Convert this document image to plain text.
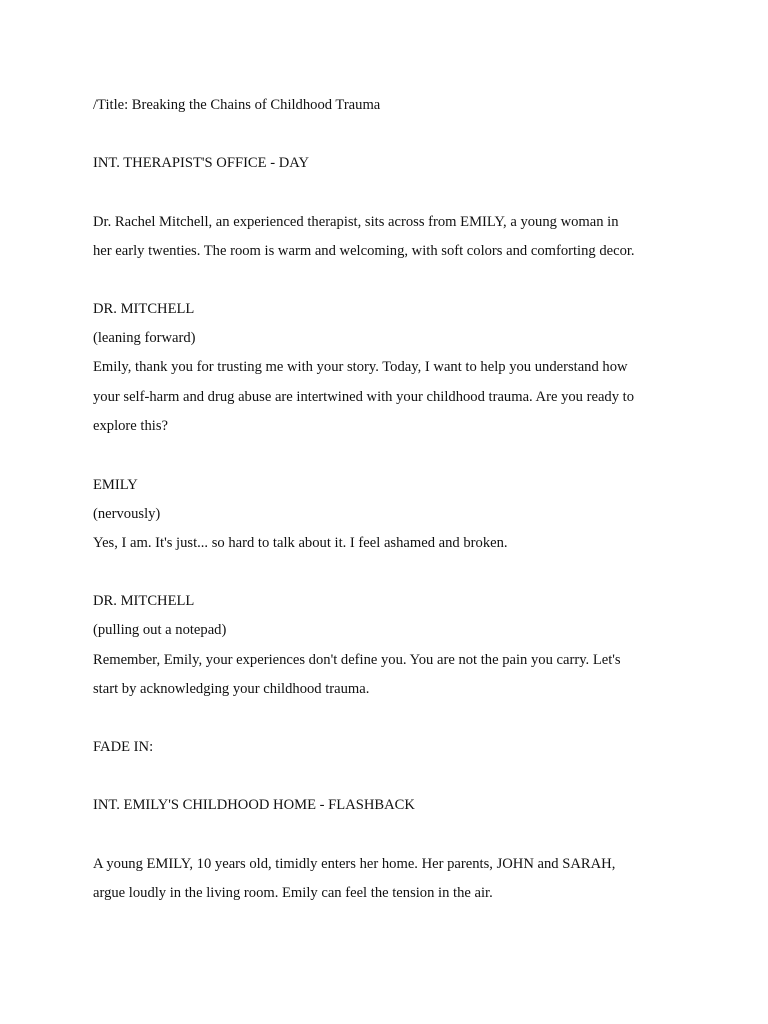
/Title: Breaking the Chains of Childhood Trauma

INT. THERAPIST'S OFFICE - DAY

Dr. Rachel Mitchell, an experienced therapist, sits across from EMILY, a young woman in

her early twenties. The room is warm and welcoming, with soft colors and comforting decor.

DR. MITCHELL

(leaning forward)

Emily, thank you for trusting me with your story. Today, I want to help you understand how

your self-harm and drug abuse are intertwined with your childhood trauma. Are you ready to

explore this?

EMILY

(nervously)

Yes, I am. It's just... so hard to talk about it. I feel ashamed and broken.

DR. MITCHELL

(pulling out a notepad)

Remember, Emily, your experiences don't define you. You are not the pain you carry. Let's

start by acknowledging your childhood trauma.

FADE IN:

INT. EMILY'S CHILDHOOD HOME - FLASHBACK

A young EMILY, 10 years old, timidly enters her home. Her parents, JOHN and SARAH,

argue loudly in the living room. Emily can feel the tension in the air.
